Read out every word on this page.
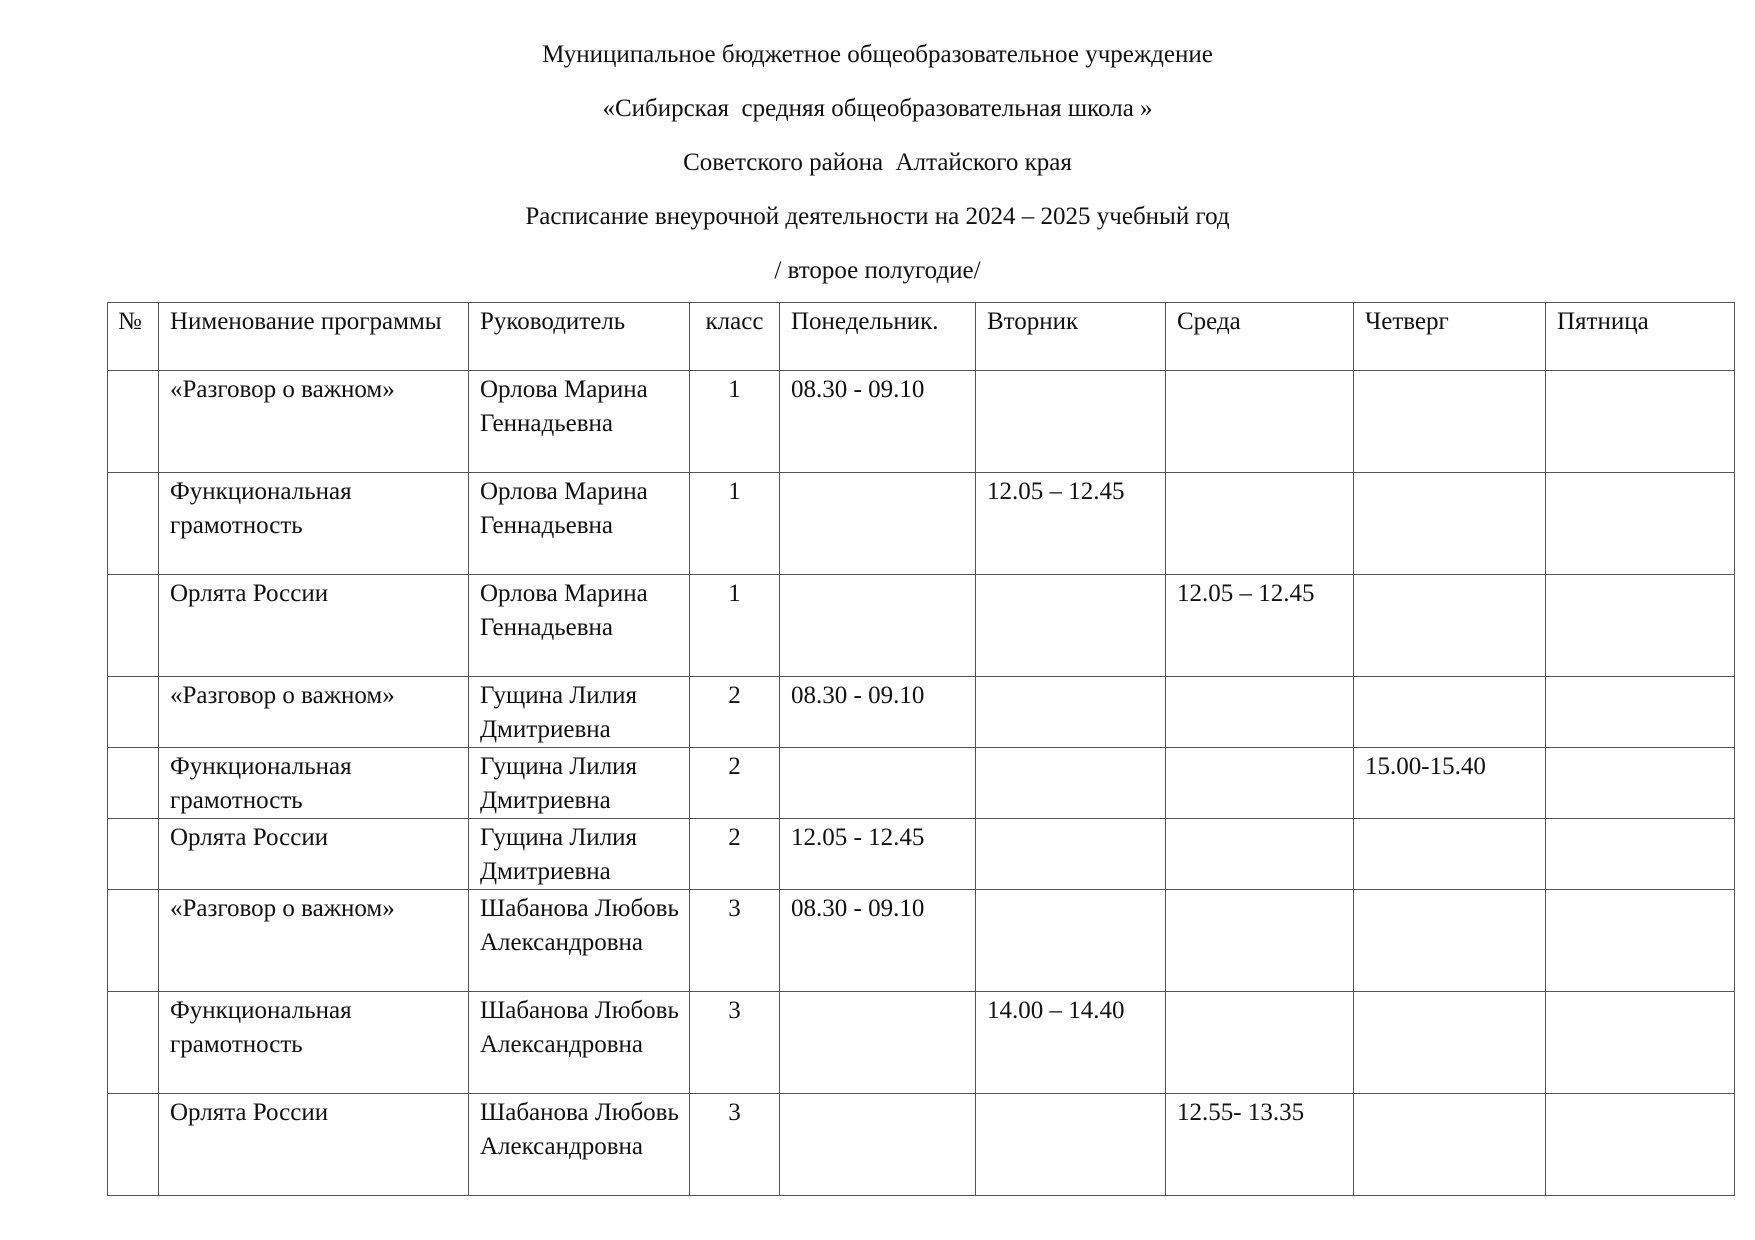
Муниципальное бюджетное общеобразовательное учреждение
«Сибирская  средняя общеобразовательная школа »
Советского района  Алтайского края
Расписание внеурочной деятельности на 2024 – 2025 учебный год
/ второе полугодие/
№	Нименование программы	Руководитель	класс	Понедельник.	Вторник	Среда	Четверг	Пятница
	«Разговор о важном»	Орлова Марина Геннадьевна	1	08.30 - 09.10				
	Функциональная грамотность	Орлова Марина Геннадьевна	1		12.05 – 12.45			
	Орлята России	Орлова Марина Геннадьевна	1			12.05 – 12.45		
	«Разговор о важном»	Гущина Лилия Дмитриевна	2	08.30 - 09.10				
	Функциональная грамотность	Гущина Лилия Дмитриевна	2				15.00-15.40	
	Орлята России	Гущина Лилия Дмитриевна	2	12.05 - 12.45				
	«Разговор о важном»	Шабанова Любовь Александровна	3	08.30 - 09.10				
	Функциональная грамотность	Шабанова Любовь Александровна	3		14.00 – 14.40			
	Орлята России	Шабанова Любовь Александровна	3			12.55- 13.35		
